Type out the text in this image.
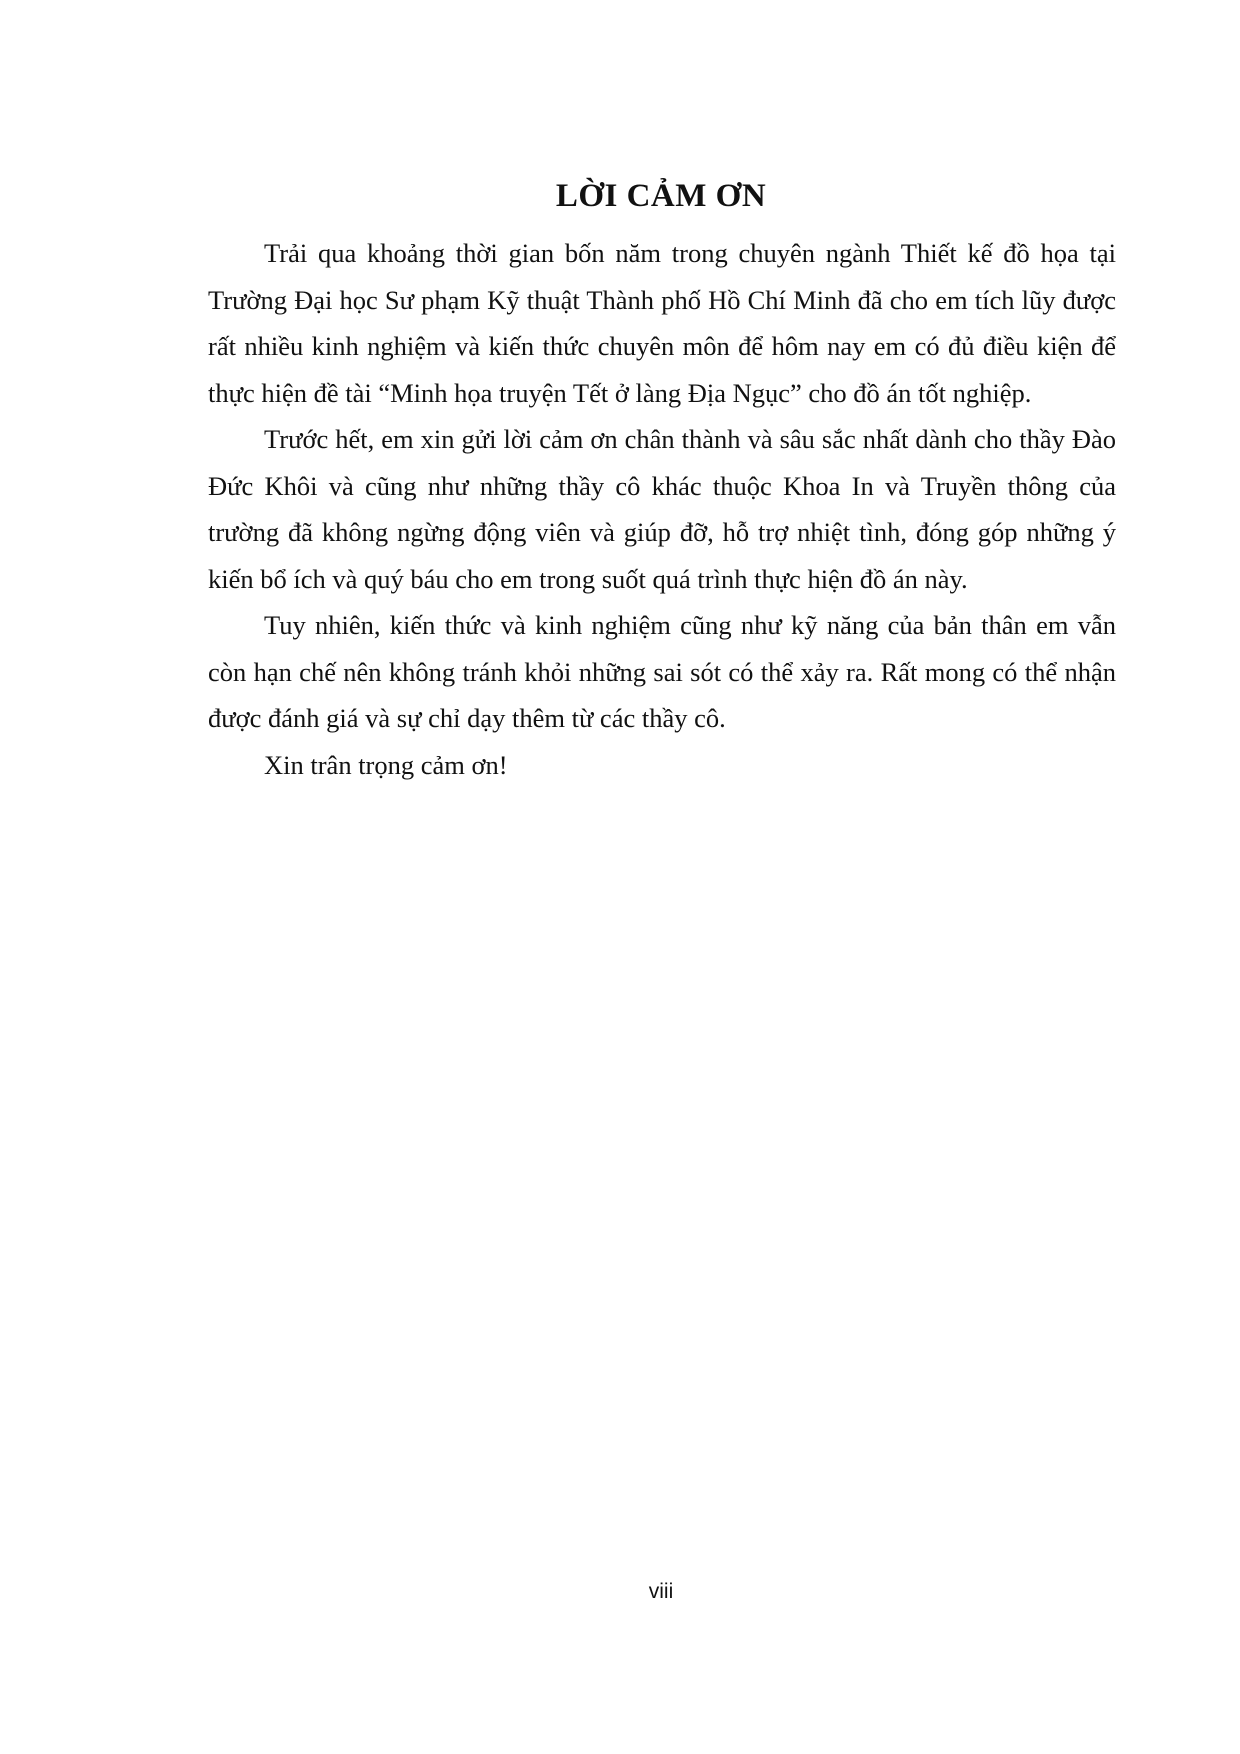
LỜI CẢM ƠN

Trải qua khoảng thời gian bốn năm trong chuyên ngành Thiết kế đồ họa tại Trường Đại học Sư phạm Kỹ thuật Thành phố Hồ Chí Minh đã cho em tích lũy được rất nhiều kinh nghiệm và kiến thức chuyên môn để hôm nay em có đủ điều kiện để thực hiện đề tài “Minh họa truyện Tết ở làng Địa Ngục” cho đồ án tốt nghiệp.

Trước hết, em xin gửi lời cảm ơn chân thành và sâu sắc nhất dành cho thầy Đào Đức Khôi và cũng như những thầy cô khác thuộc Khoa In và Truyền thông của trường đã không ngừng động viên và giúp đỡ, hỗ trợ nhiệt tình, đóng góp những ý kiến bổ ích và quý báu cho em trong suốt quá trình thực hiện đồ án này.

Tuy nhiên, kiến thức và kinh nghiệm cũng như kỹ năng của bản thân em vẫn còn hạn chế nên không tránh khỏi những sai sót có thể xảy ra. Rất mong có thể nhận được đánh giá và sự chỉ dạy thêm từ các thầy cô.

Xin trân trọng cảm ơn!

viii
